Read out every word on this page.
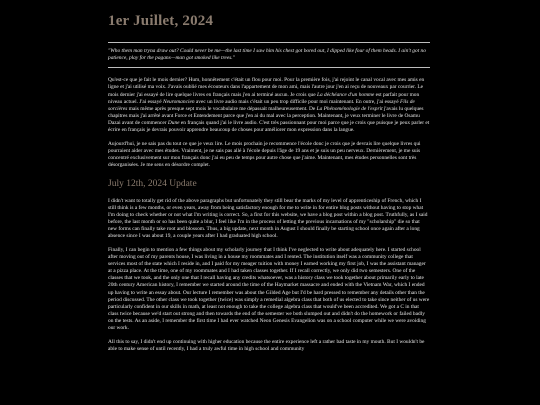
1er Juillet, 2024

"Who them man tryna draw out? Could never be me—the last time I saw him his chest got bored out, I dipped like four of them heads. I ain't got no patience, play for the pagans—man got smoked like trees."

Qu'est-ce que je fait le mois dernier? Hum, honnêtement c'était un flou pour moi. Pour la première fois, j'ai rejoint le canal vocal avec mes amis en ligne et j'ai utilisé ma voix. J'avais oublié mes écouteurs dans l'appartement de mon ami, mais l'autre jour j'en ai reçu de nouveaux par courrier. Le mois dernier j'ai essayé de lire quelque livres en français mais j'en ai terminé aucun. Je crois que La déchéance d'un homme est parfait pour mon niveau actuel. J'ai essayé Neuromancien avec un livre audio mais c'était un peu trop difficile pour moi maintenant. En outre, j'ai essayé Fils de sorcières mais même après presque sept mois le vocabulaire me dépassait malheureusement. De La Phénoménologie de l'esprit j'avais lu quelques chapitres mais j'ai arrêté avant Force et Entendement parce que j'en ai du mal avec la perception. Maintenant, je veux terminer le livre de Osamu Dazai avant de commencer Dune en français quand j'ai le livre audio. C'est très passionnant pour moi parce que je crois que puisque je peux parler et écrire en français je devrais pouvoir apprendre beaucoup de choses pour améliorer mon expression dans la langue.

Aujourd'hui, je ne sais pas du tout ce que je veux lire. Le mois prochain je recommence l'école donc je crois que je devrais lire quelque livres qui pourraient aider avec mes études. Vraiment, je ne sais pas allé à l'école depuis l'âge de 19 ans et je suis un peu nerveux. Dernièrement, je me suis concentré exclusivement sur mon français donc j'ai eu peu de temps pour autre chose que j'aime. Maintenant, mes études personnelles sont très désorganisées. Je me sens en désordre complet.

July 12th, 2024 Update

I didn't want to totally get rid of the above paragraphs but unfortunately they still bear the marks of my level of apprenticeship of French, which I still think is a few months, or even years, away from being satisfactory enough for me to write in for entire blog posts without having to stop what I'm doing to check whether or not what I'm writing is correct. So, a first for this website, we have a blog post within a blog post. Truthfully, as I said before, the last month or so has been quite a blur, I feel like I'm in the process of letting the previous incarnations of my "scholarship" die so that new forms can finally take root and blossom. Thus, a big update, next month in August I should finally be starting school once again after a long absence since I was about 19, a couple years after I had graduated high school.

Finally, I can begin to mention a few things about my scholarly journey that I think I've neglected to write about adequately here. I started school after moving out of my parents house, I was living in a house my roommates and I rented. The institution itself was a community college that services most of the state which I reside in, and I paid for my meager tuition with money I earned working my first job, I was the assistant manager at a pizza place. At the time, one of my roommates and I had taken classes together. If I recall correctly, we only did two semesters. One of the classes that we took, and the only one that I recall having any credits whatsoever, was a history class we took together about primarily early to late 20th century American history, I remember we started around the time of the Haymarket massacre and ended with the Vietnam War, which I ended up having to write an essay about. Our lecture I remember was about the Gilded Age but I'd be hard pressed to remember any details other than the period discussed. The other class we took together (twice) was simply a remedial algebra class that both of us elected to take since neither of us were particularly confident in our skills in math, at least not enough to take the college algebra class that would've been accredited. We got a C in that class twice because we'd start out strong and then towards the end of the semester we both slumped out and didn't do the homework or failed badly on the tests. As an aside, I remember the first time I had ever watched Neon Genesis Evangelion was on a school computer while we were avoiding our work.

All this to say, I didn't end up continuing with higher education because the entire experience left a rather bad taste in my mouth. But I wouldn't be able to make sense of until recently, I had a truly awful time in high school and community
